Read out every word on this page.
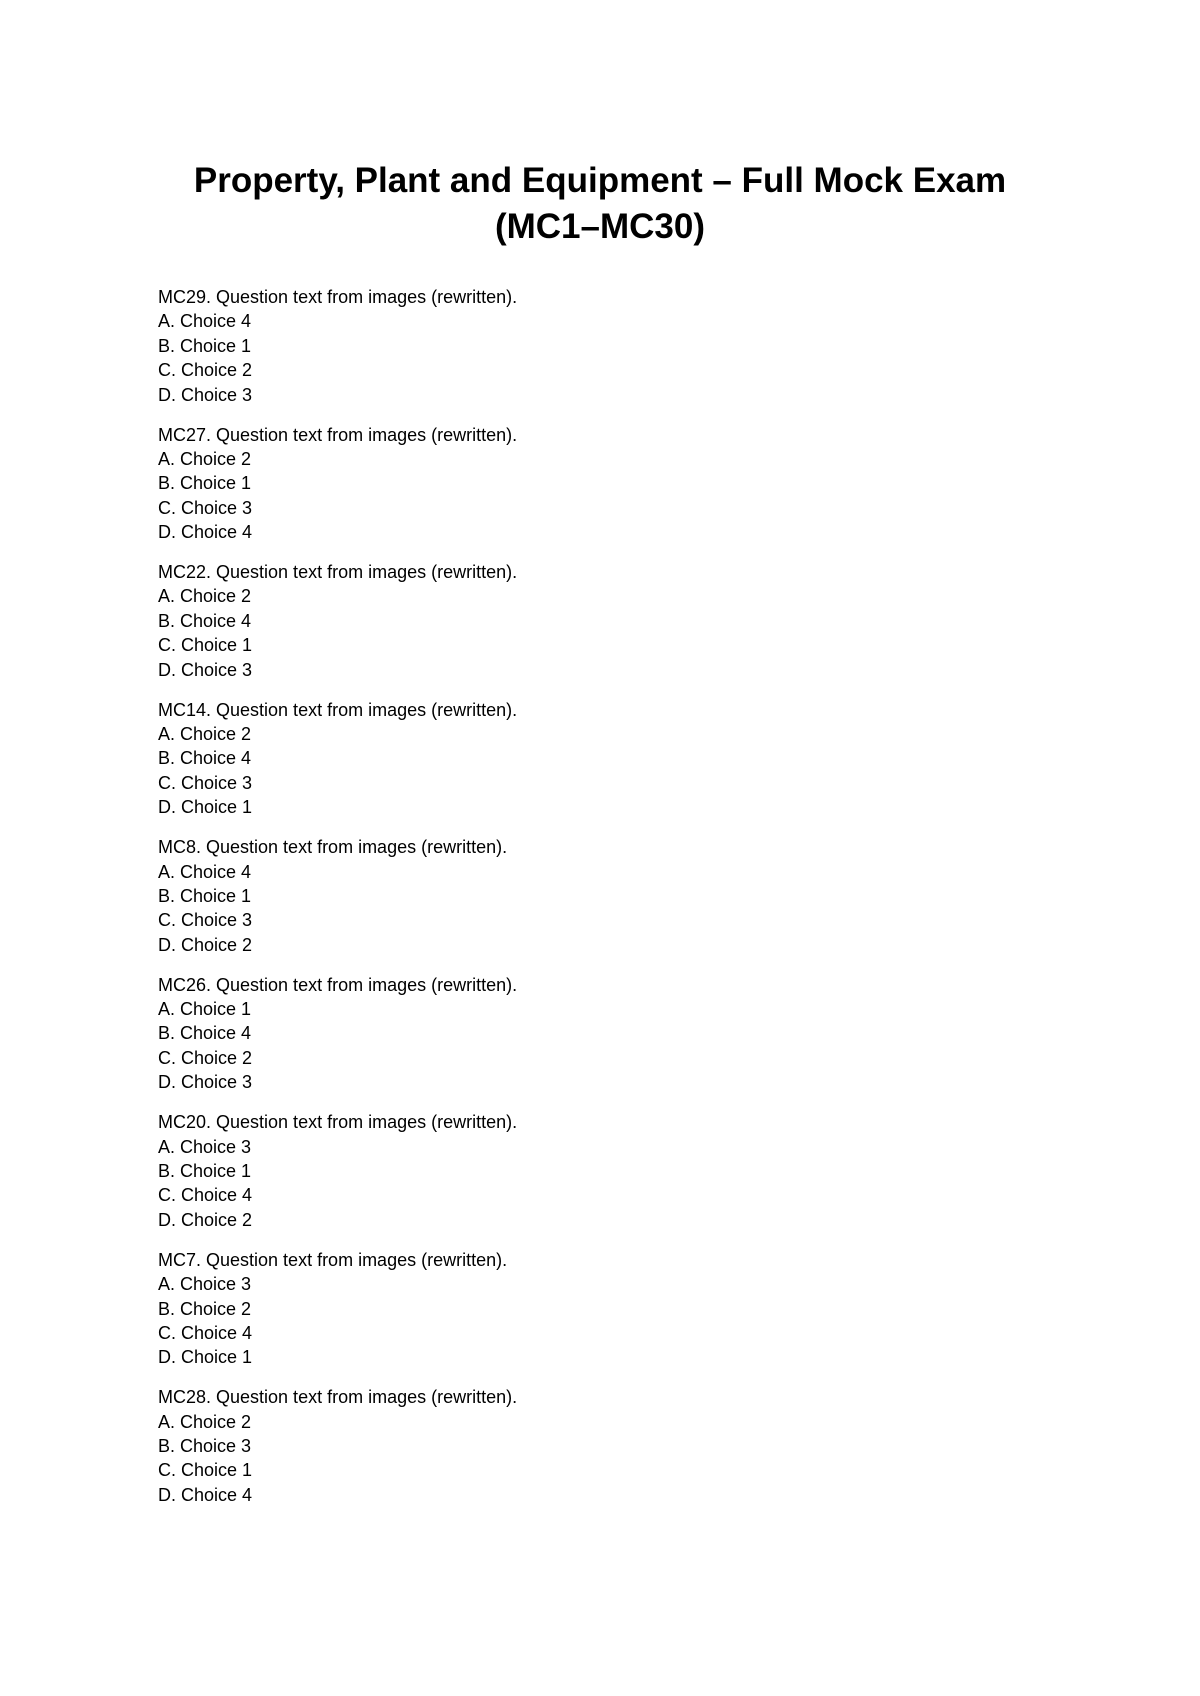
Property, Plant and Equipment – Full Mock Exam (MC1–MC30)
MC29. Question text from images (rewritten).
A. Choice 4
B. Choice 1
C. Choice 2
D. Choice 3
MC27. Question text from images (rewritten).
A. Choice 2
B. Choice 1
C. Choice 3
D. Choice 4
MC22. Question text from images (rewritten).
A. Choice 2
B. Choice 4
C. Choice 1
D. Choice 3
MC14. Question text from images (rewritten).
A. Choice 2
B. Choice 4
C. Choice 3
D. Choice 1
MC8. Question text from images (rewritten).
A. Choice 4
B. Choice 1
C. Choice 3
D. Choice 2
MC26. Question text from images (rewritten).
A. Choice 1
B. Choice 4
C. Choice 2
D. Choice 3
MC20. Question text from images (rewritten).
A. Choice 3
B. Choice 1
C. Choice 4
D. Choice 2
MC7. Question text from images (rewritten).
A. Choice 3
B. Choice 2
C. Choice 4
D. Choice 1
MC28. Question text from images (rewritten).
A. Choice 2
B. Choice 3
C. Choice 1
D. Choice 4
